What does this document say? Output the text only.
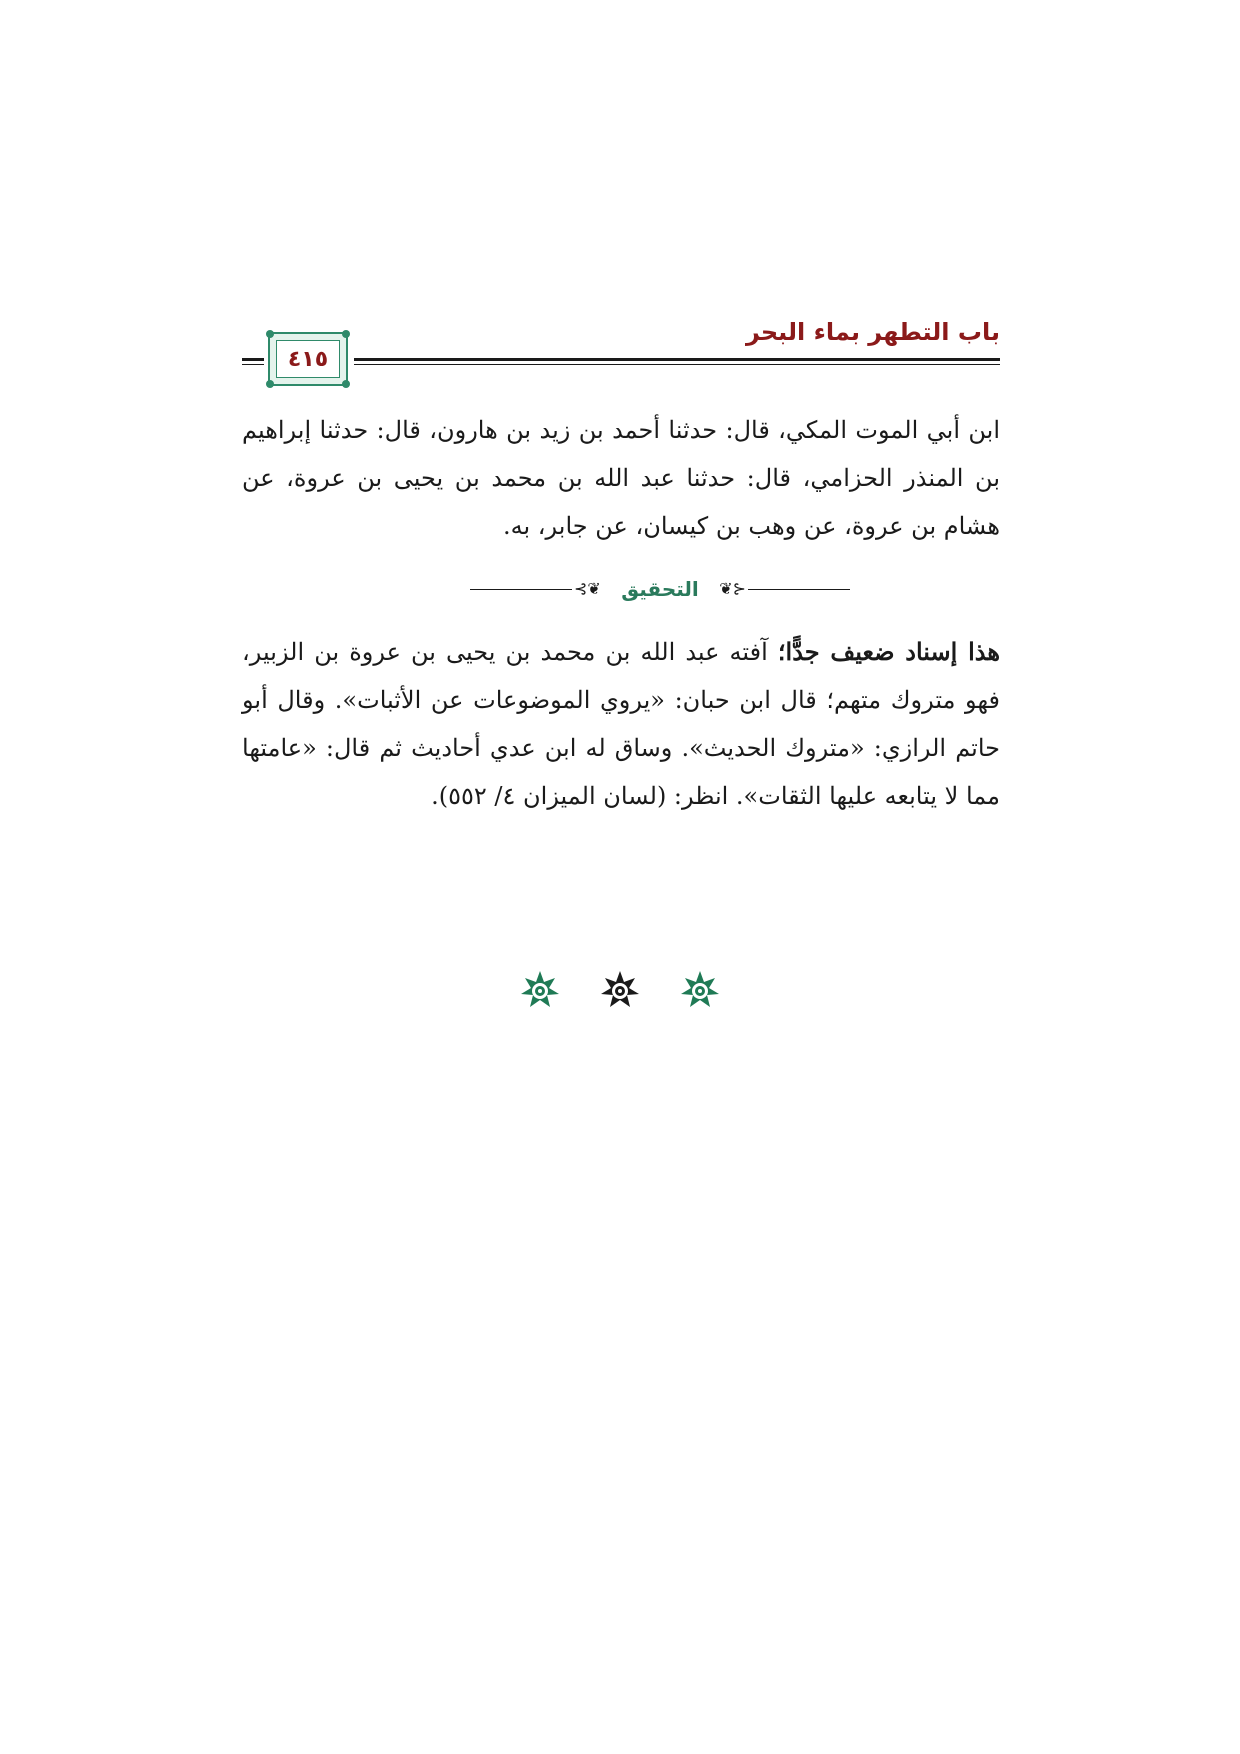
باب التطهر بماء البحر
٤١٥

ابن أبي الموت المكي، قال: حدثنا أحمد بن زيد بن هارون، قال: حدثنا إبراهيم بن المنذر الحزامي، قال: حدثنا عبد الله بن محمد بن يحيى بن عروة، عن هشام بن عروة، عن وهب بن كيسان، عن جابر، به.

⊰❦	التحقيق	❦⊱

هذا إسناد ضعيف جدًّا؛ آفته عبد الله بن محمد بن يحيى بن عروة بن الزبير، فهو متروك متهم؛ قال ابن حبان: «يروي الموضوعات عن الأثبات». وقال أبو حاتم الرازي: «متروك الحديث». وساق له ابن عدي أحاديث ثم قال: «عامتها مما لا يتابعه عليها الثقات». انظر: (لسان الميزان ٤/ ٥٥٢).
